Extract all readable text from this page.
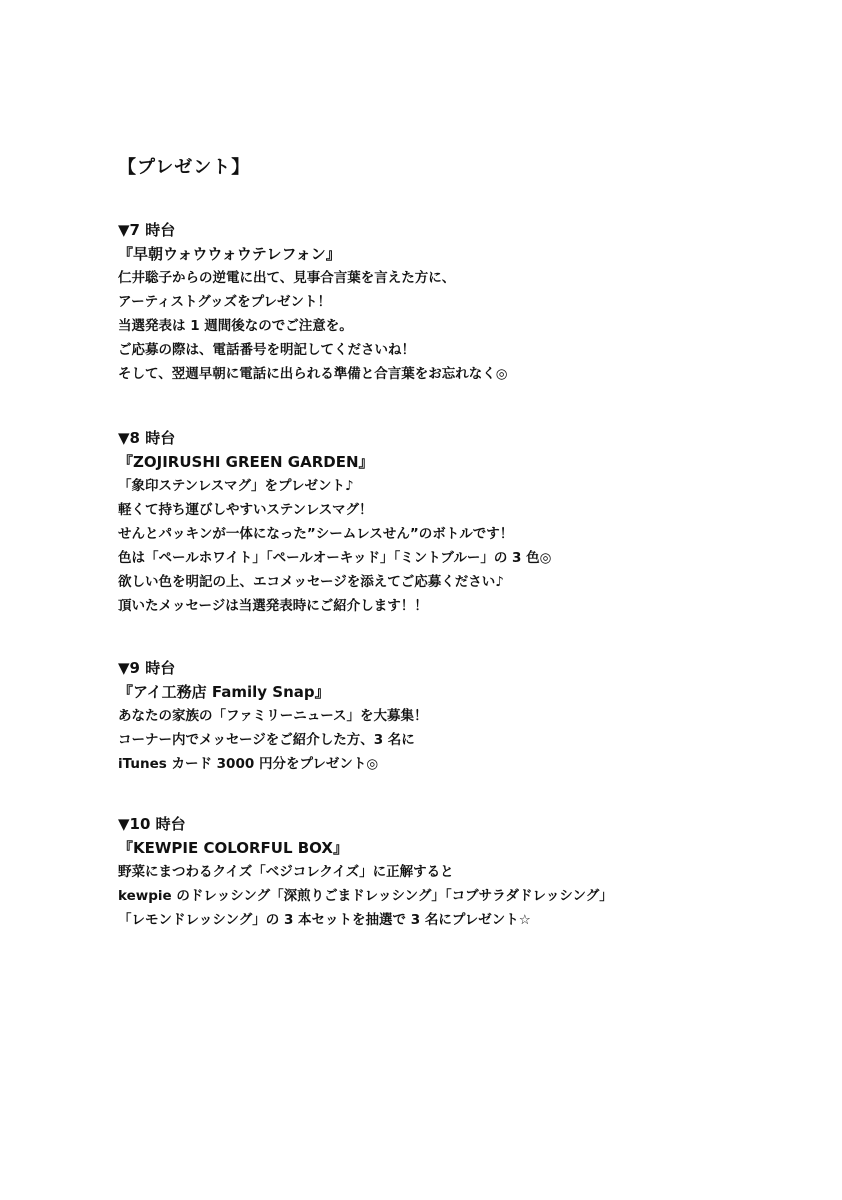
【プレゼント】
▼7 時台
『早朝ウォウウォウテレフォン』
仁井聡子からの逆電に出て、見事合言葉を言えた方に、
アーティストグッズをプレゼント！
当選発表は 1 週間後なのでご注意を。
ご応募の際は、電話番号を明記してくださいね！
そして、翌週早朝に電話に出られる準備と合言葉をお忘れなく◎
▼8 時台
『ZOJIRUSHI GREEN GARDEN』
「象印ステンレスマグ」をプレゼント♪
軽くて持ち運びしやすいステンレスマグ！
せんとパッキンが一体になった”シームレスせん”のボトルです！
色は「ペールホワイト」「ペールオーキッド」「ミントブルー」の 3 色◎
欲しい色を明記の上、エコメッセージを添えてご応募ください♪
頂いたメッセージは当選発表時にご紹介します！！
▼9 時台
『アイ工務店 Family Snap』
あなたの家族の「ファミリーニュース」を大募集！
コーナー内でメッセージをご紹介した方、3 名に
iTunes カード 3000 円分をプレゼント◎
▼10 時台
『KEWPIE COLORFUL BOX』
野菜にまつわるクイズ「ベジコレクイズ」に正解すると
kewpie のドレッシング「深煎りごまドレッシング」「コブサラダドレッシング」
「レモンドレッシング」の 3 本セットを抽選で 3 名にプレゼント☆
